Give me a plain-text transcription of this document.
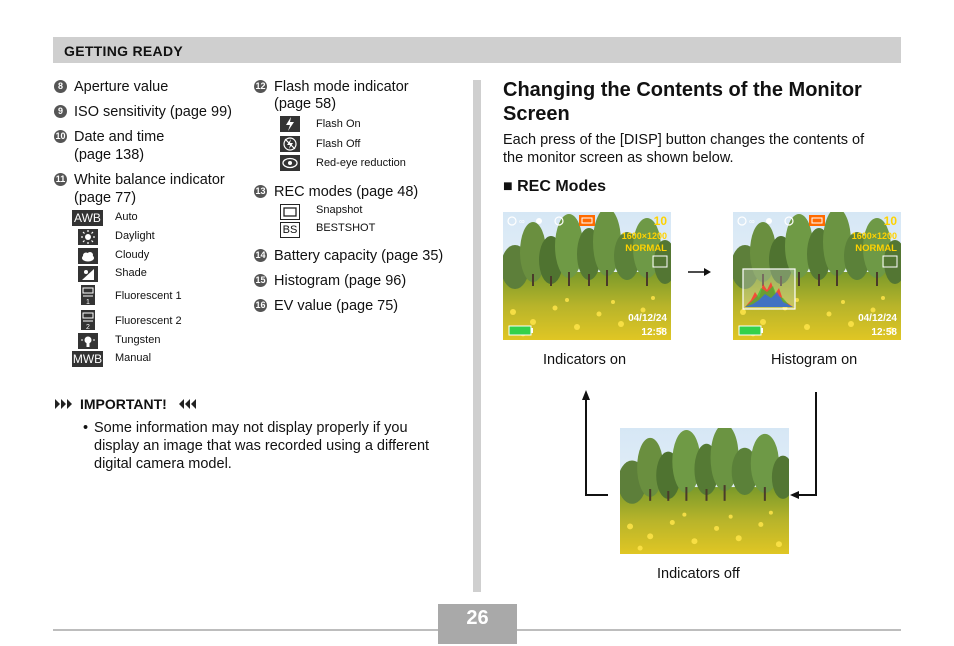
GETTING READY
8 Aperture value
9 ISO sensitivity (page 99)
10 Date and time
(page 138)
11 White balance indicator
(page 77)
AWB Auto
Daylight
Cloudy
Shade
1
Fluorescent 1
2
Fluorescent 2
Tungsten
MWB Manual
12 Flash mode indicator
(page 58)
Flash On
Flash Off
Red-eye reduction
13 REC modes (page 48)
Snapshot
BS BESTSHOT
14 Battery capacity (page 35)
15 Histogram (page 96)
16 EV value (page 75)
IMPORTANT!
• Some information may not display properly if you
display an image that was recorded using a different
digital camera model.
Changing the Contents of the Monitor
Screen
Each press of the [DISP] button changes the contents of
the monitor screen as shown below.
■ REC Modes
∞	10
1600×1200
NORMAL
04/12/24
12:58
Indicators on
∞	10
1600×1200
NORMAL
04/12/24
12:58
Histogram on
Indicators off
26
